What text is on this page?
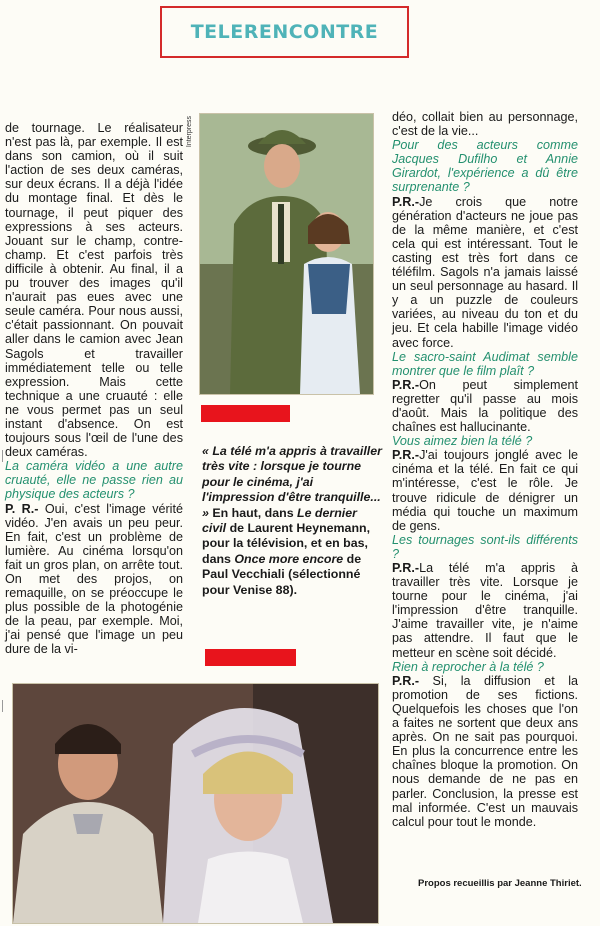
TELERENCONTRE

de tournage. Le réalisateur n'est pas là, par exemple. Il est dans son camion, où il suit l'action de ses deux caméras, sur deux écrans. Il a déjà l'idée du montage final. Et dès le tournage, il peut piquer des expressions à ses acteurs. Jouant sur le champ, contre-champ. Et c'est parfois très difficile à obtenir. Au final, il a pu trouver des images qu'il n'aurait pas eues avec une seule caméra. Pour nous aussi, c'était passionnant. On pouvait aller dans le camion avec Jean Sagols et travailler immédiatement telle ou telle expression. Mais cette technique a une cruauté : elle ne vous permet pas un seul instant d'absence. On est toujours sous l'œil de l'une des deux caméras.

La caméra vidéo a une autre cruauté, elle ne passe rien au physique des acteurs ?

P. R.- Oui, c'est l'image vérité vidéo. J'en avais un peu peur. En fait, c'est un problème de lumière. Au cinéma lorsqu'on fait un gros plan, on arrête tout. On met des projos, on remaquille, on se préoccupe le plus possible de la photogénie de la peau, par exemple. Moi, j'ai pensé que l'image un peu dure de la vi-

Interpress
« La télé m'a appris à travailler très vite : lorsque je tourne pour le cinéma, j'ai l'impression d'être tranquille... » En haut, dans Le dernier civil de Laurent Heynemann, pour la télévision, et en bas, dans Once more encore de Paul Vecchiali (sélectionné pour Venise 88).

déo, collait bien au personnage, c'est de la vie...

Pour des acteurs comme Jacques Dufilho et Annie Girardot, l'expérience a dû être surprenante ?

P.R.-Je crois que notre génération d'acteurs ne joue pas de la même manière, et c'est cela qui est intéressant. Tout le casting est très fort dans ce téléfilm. Sagols n'a jamais laissé un seul personnage au hasard. Il y a un puzzle de couleurs variées, au niveau du ton et du jeu. Et cela habille l'image vidéo avec force.

Le sacro-saint Audimat semble montrer que le film plaît ?

P.R.-On peut simplement regretter qu'il passe au mois d'août. Mais la politique des chaînes est hallucinante.

Vous aimez bien la télé ?

P.R.-J'ai toujours jonglé avec le cinéma et la télé. En fait ce qui m'intéresse, c'est le rôle. Je trouve ridicule de dénigrer un média qui touche un maximum de gens.

Les tournages sont-ils différents ?

P.R.-La télé m'a appris à travailler très vite. Lorsque je tourne pour le cinéma, j'ai l'impression d'être tranquille. J'aime travailler vite, je n'aime pas attendre. Il faut que le metteur en scène soit décidé.

Rien à reprocher à la télé ?

P.R.- Si, la diffusion et la promotion de ses fictions. Quelquefois les choses que l'on a faites ne sortent que deux ans après. On ne sait pas pourquoi. En plus la concurrence entre les chaînes bloque la promotion. On nous demande de ne pas en parler. Conclusion, la presse est mal informée. C'est un mauvais calcul pour tout le monde.

Propos recueillis par Jeanne Thiriet.
